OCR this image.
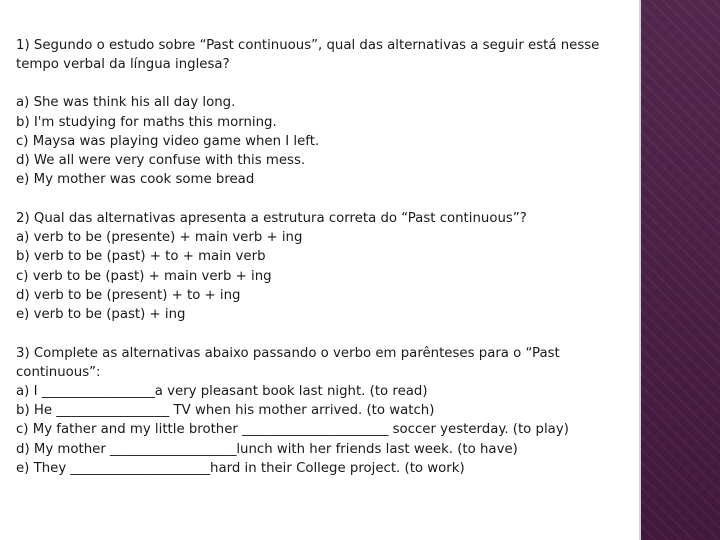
1) Segundo o estudo sobre “Past continuous”, qual das alternativas a seguir está nesse tempo verbal da língua inglesa?
a) She was think his all day long.
b) I'm studying for maths this morning.
c) Maysa was playing video game when I left.
d) We all were very confuse with this mess.
e) My mother was cook some bread
2) Qual das alternativas apresenta a estrutura correta do “Past continuous”?
a) verb to be (presente) + main verb + ing
b) verb to be (past) + to + main verb
c) verb to be (past) + main verb + ing
d) verb to be (present) + to + ing
e) verb to be (past) + ing
3) Complete as alternativas abaixo passando o verbo em parênteses para o “Past continuous”:
a) I _________________a very pleasant book last night. (to read)
b) He _________________ TV when his mother arrived. (to watch)
c) My father and my little brother ______________________ soccer yesterday. (to play)
d) My mother ___________________lunch with her friends last week. (to have)
e) They _____________________hard in their College project. (to work)
